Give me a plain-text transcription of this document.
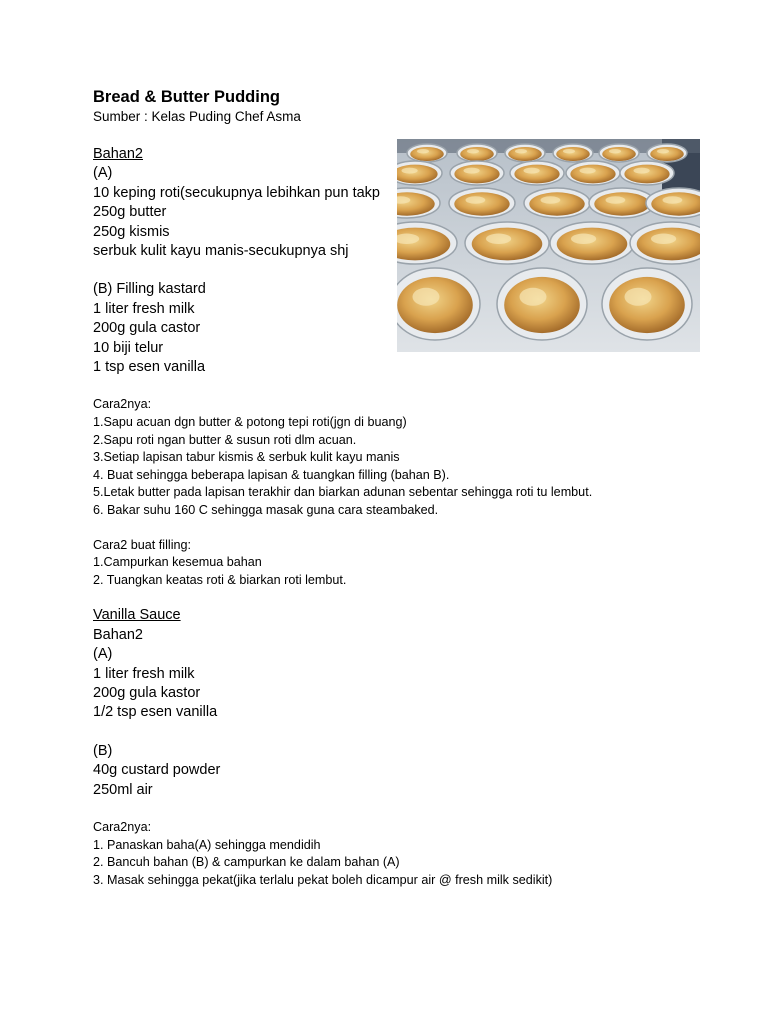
Bread & Butter Pudding
Sumber : Kelas Puding Chef Asma
Bahan2
(A)
10 keping roti(secukupnya lebihkan pun takp
250g butter
250g kismis
serbuk kulit kayu manis-secukupnya shj
(B) Filling kastard
1 liter fresh milk
200g gula castor
10 biji telur
1 tsp esen vanilla
Cara2nya:
1.Sapu acuan dgn butter & potong tepi roti(jgn di buang)
2.Sapu roti ngan butter & susun roti dlm acuan.
3.Setiap lapisan tabur kismis & serbuk kulit kayu manis
4. Buat sehingga beberapa lapisan & tuangkan filling (bahan B).
5.Letak butter pada lapisan terakhir dan biarkan adunan sebentar sehingga roti tu lembut.
6. Bakar suhu 160 C sehingga masak guna cara steambaked.
Cara2 buat filling:
1.Campurkan kesemua bahan
2. Tuangkan keatas roti & biarkan roti lembut.
Vanilla Sauce
Bahan2
(A)
1 liter fresh milk
200g gula kastor
1/2 tsp esen vanilla
(B)
40g custard powder
250ml air
Cara2nya:
1. Panaskan baha(A) sehingga mendidih
2. Bancuh bahan (B) & campurkan ke dalam bahan (A)
3. Masak sehingga pekat(jika terlalu pekat boleh dicampur air @ fresh milk sedikit)
